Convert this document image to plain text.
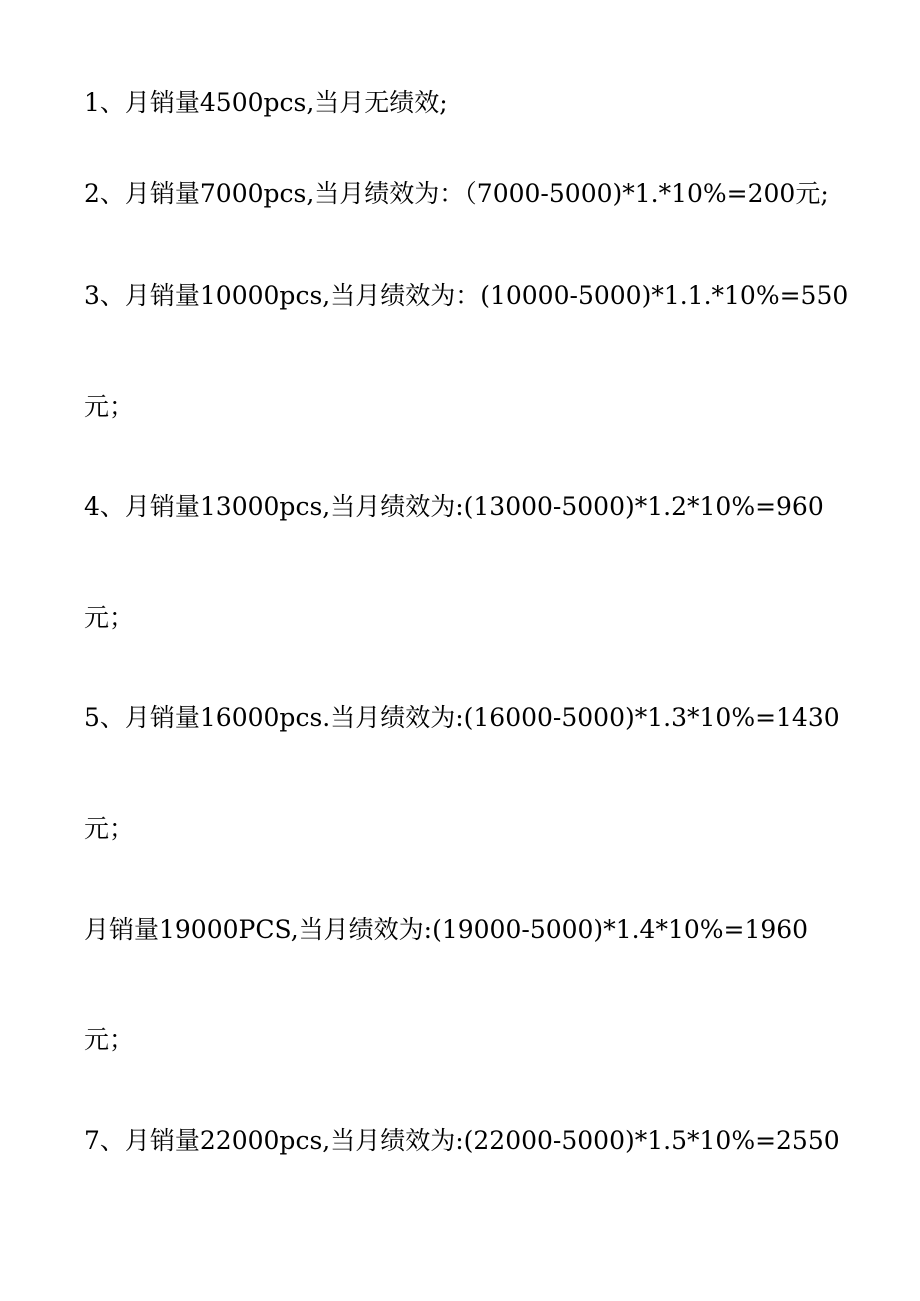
1、月销量4500pcs,当月无绩效;
2、月销量7000pcs,当月绩效为：（7000-5000)*1.*10%=200元;
3、月销量10000pcs,当月绩效为：(10000-5000)*1.1.*10%=550
元；
4、月销量13000pcs,当月绩效为:(13000-5000)*1.2*10%=960
元；
5、月销量16000pcs.当月绩效为:(16000-5000)*1.3*10%=1430
元；
月销量19000PCS,当月绩效为:(19000-5000)*1.4*10%=1960
元；
7、月销量22000pcs,当月绩效为:(22000-5000)*1.5*10%=2550
